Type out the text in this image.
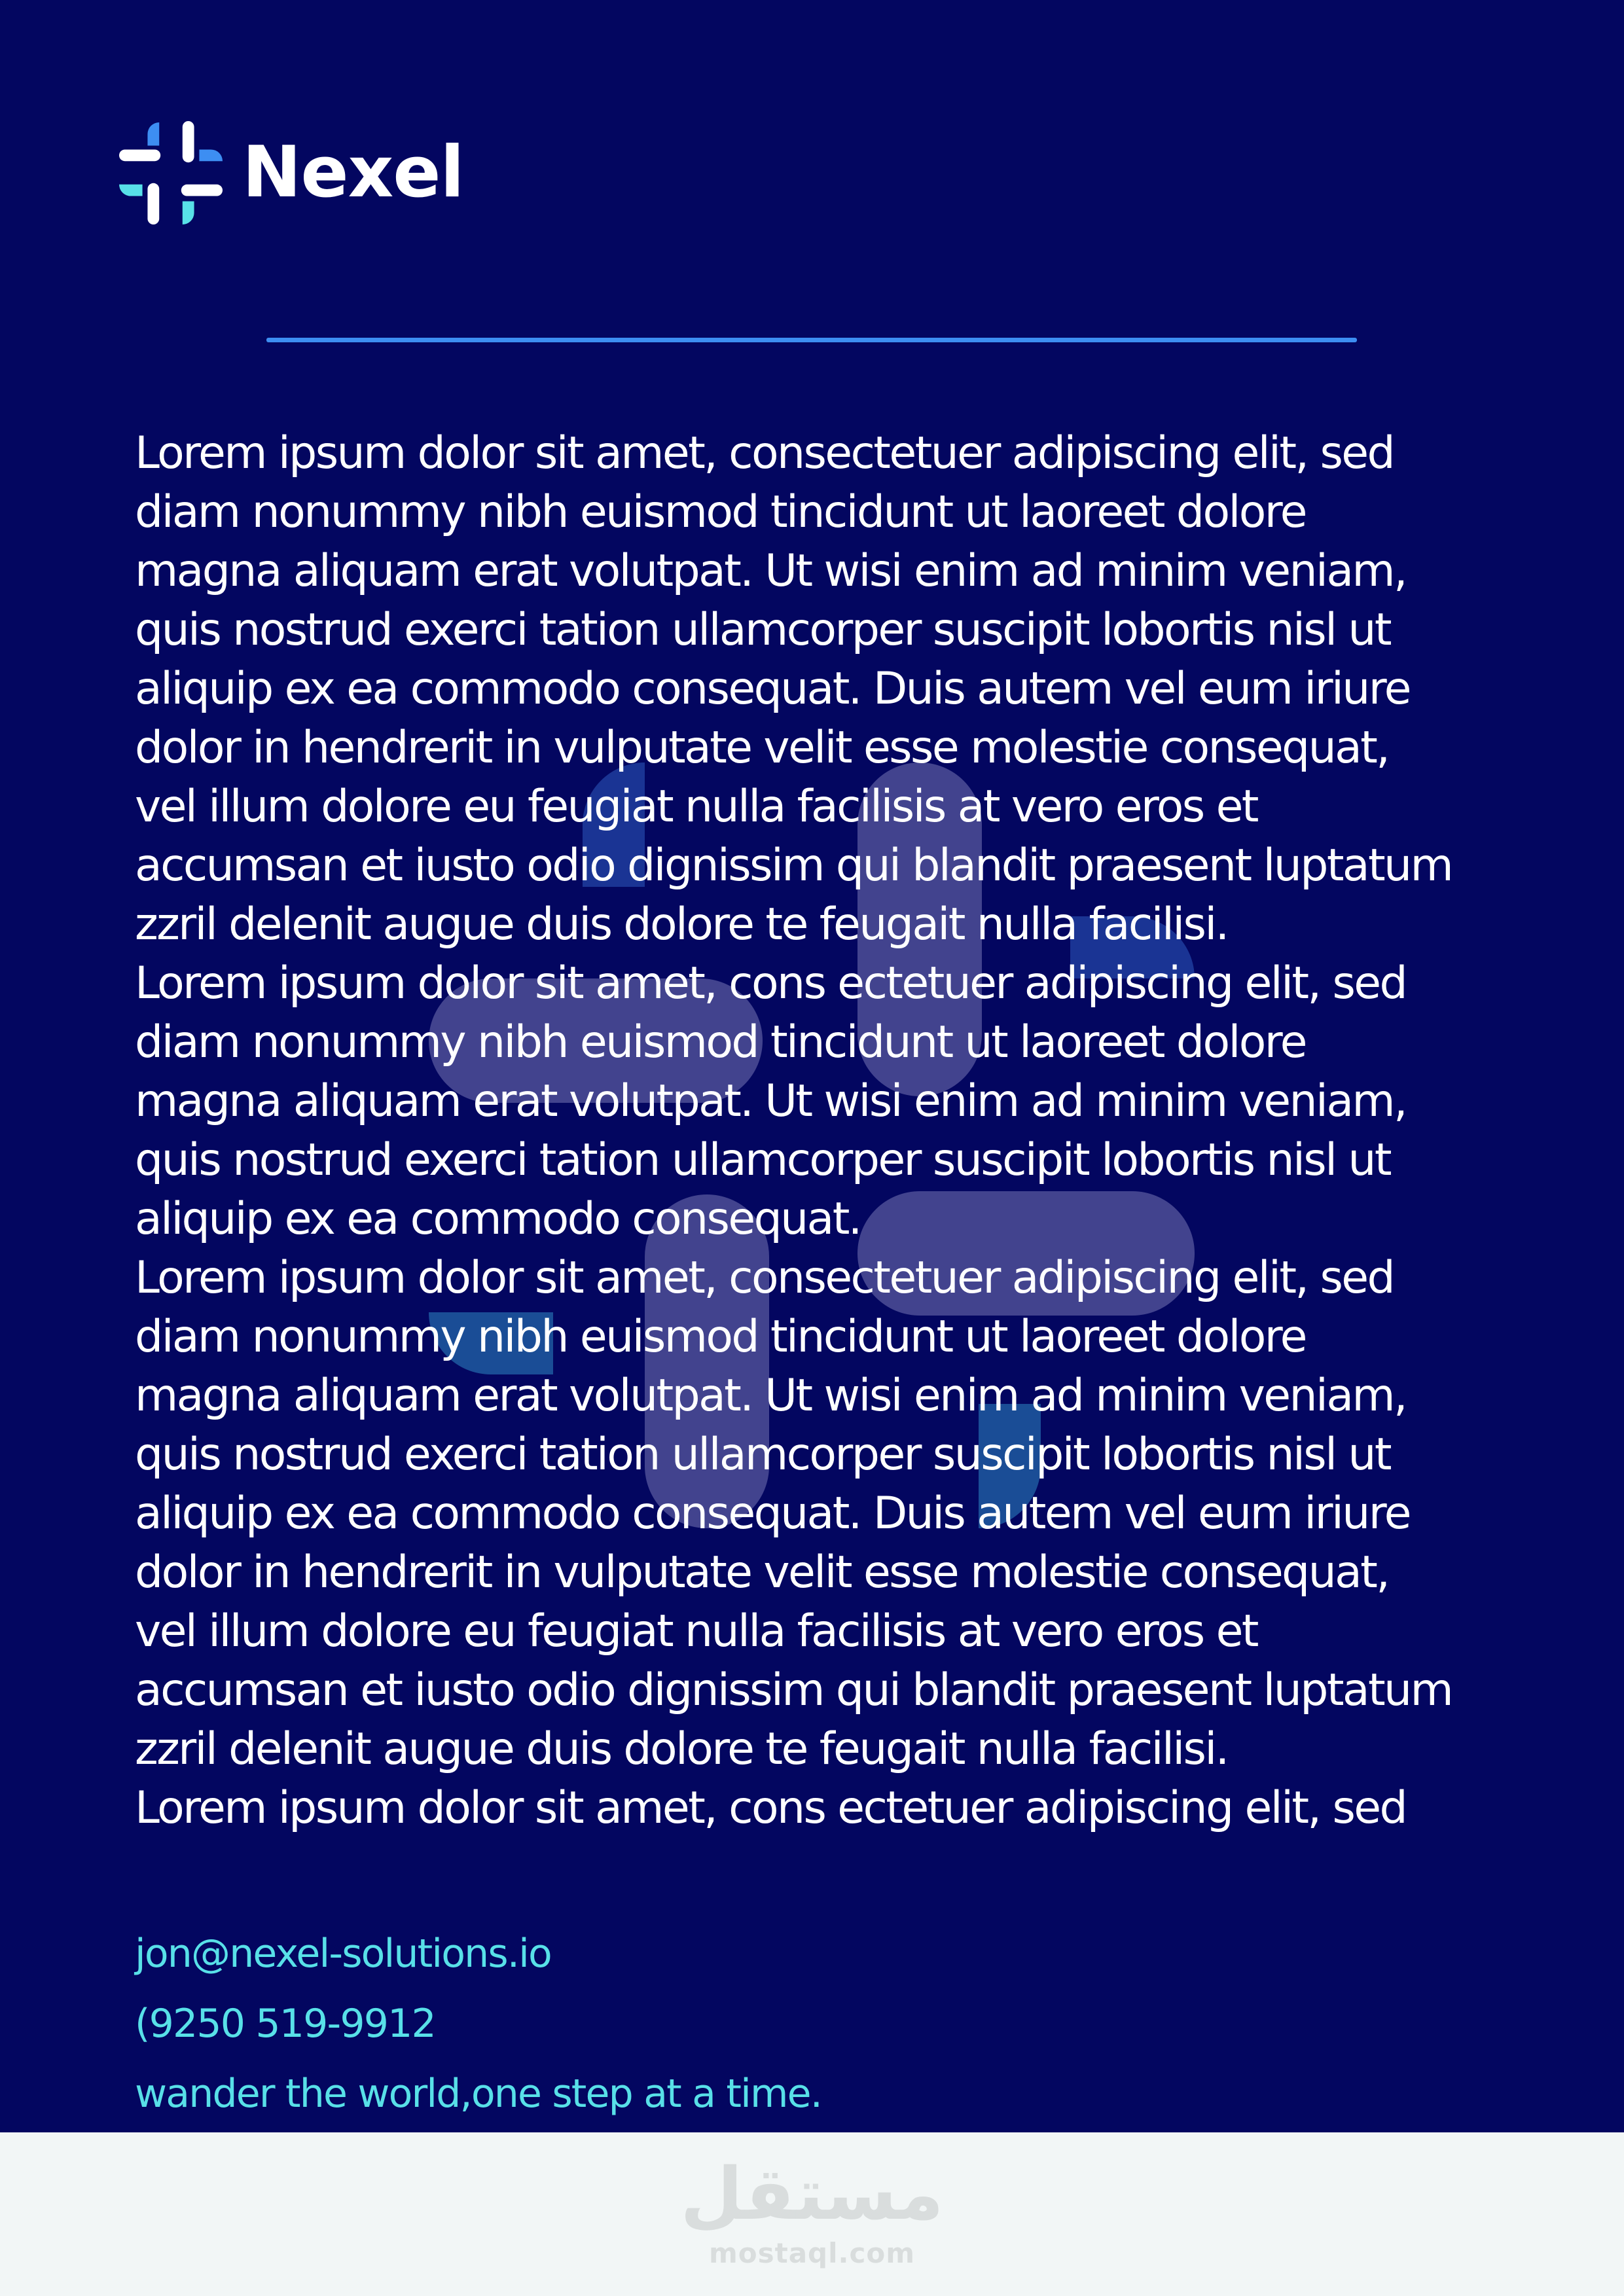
Nexel
Lorem ipsum dolor sit amet, consectetuer adipiscing elit, sed
diam nonummy nibh euismod tincidunt ut laoreet dolore
magna aliquam erat volutpat. Ut wisi enim ad minim veniam,
quis nostrud exerci tation ullamcorper suscipit lobortis nisl ut
aliquip ex ea commodo consequat. Duis autem vel eum iriure
dolor in hendrerit in vulputate velit esse molestie consequat,
vel illum dolore eu feugiat nulla facilisis at vero eros et
accumsan et iusto odio dignissim qui blandit praesent luptatum
zzril delenit augue duis dolore te feugait nulla facilisi.
Lorem ipsum dolor sit amet, cons ectetuer adipiscing elit, sed
diam nonummy nibh euismod tincidunt ut laoreet dolore
magna aliquam erat volutpat. Ut wisi enim ad minim veniam,
quis nostrud exerci tation ullamcorper suscipit lobortis nisl ut
aliquip ex ea commodo consequat.
Lorem ipsum dolor sit amet, consectetuer adipiscing elit, sed
diam nonummy nibh euismod tincidunt ut laoreet dolore
magna aliquam erat volutpat. Ut wisi enim ad minim veniam,
quis nostrud exerci tation ullamcorper suscipit lobortis nisl ut
aliquip ex ea commodo consequat. Duis autem vel eum iriure
dolor in hendrerit in vulputate velit esse molestie consequat,
vel illum dolore eu feugiat nulla facilisis at vero eros et
accumsan et iusto odio dignissim qui blandit praesent luptatum
zzril delenit augue duis dolore te feugait nulla facilisi.
Lorem ipsum dolor sit amet, cons ectetuer adipiscing elit, sed
jon@nexel-solutions.io
(9250 519-9912
wander the world,one step at a time.
مستقل
mostaql.com
